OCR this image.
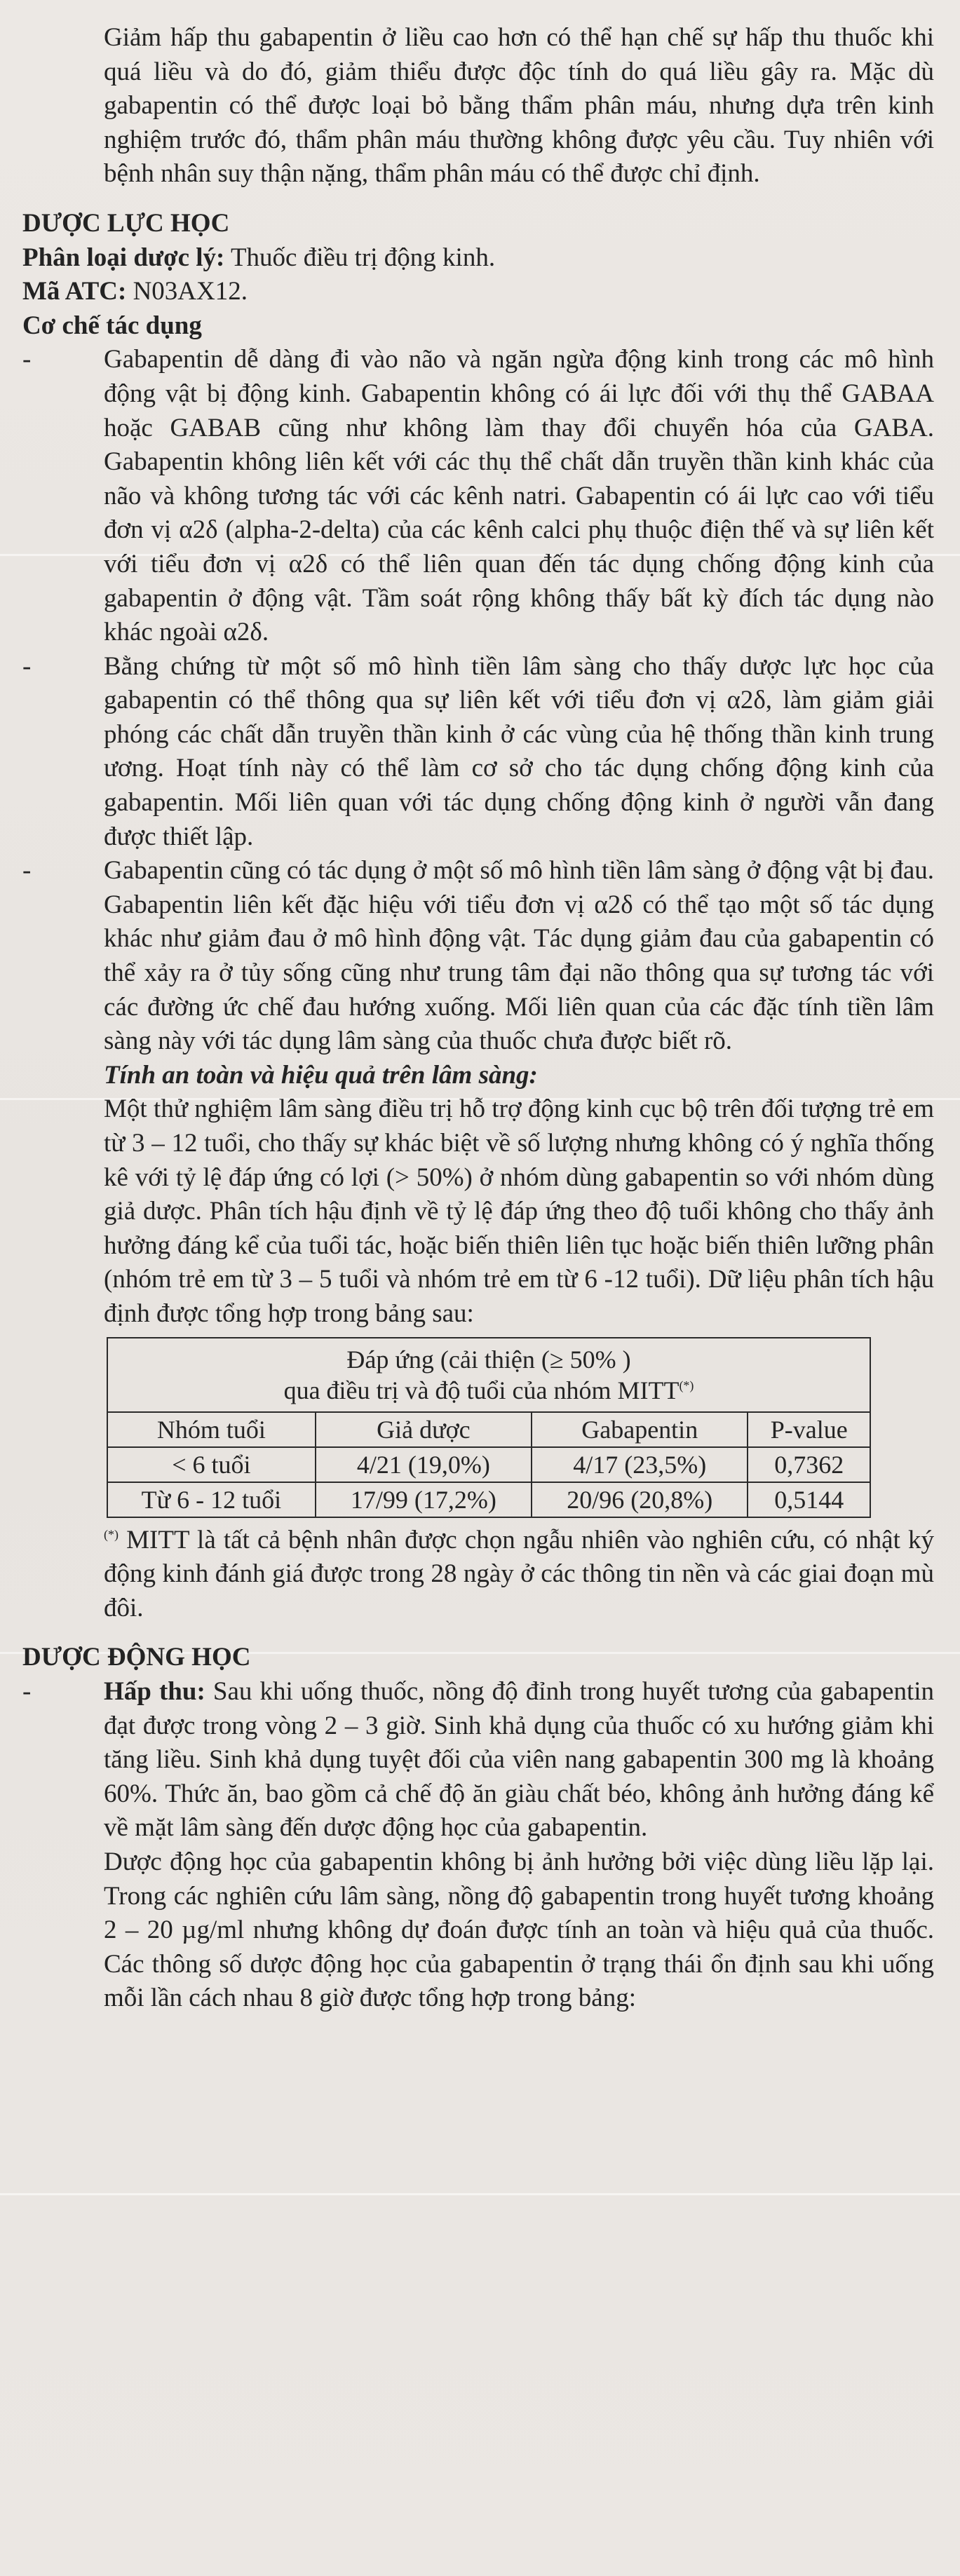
Giảm hấp thu gabapentin ở liều cao hơn có thể hạn chế sự hấp thu thuốc khi quá liều và do đó, giảm thiểu được độc tính do quá liều gây ra. Mặc dù gabapentin có thể được loại bỏ bằng thẩm phân máu, nhưng dựa trên kinh nghiệm trước đó, thẩm phân máu thường không được yêu cầu. Tuy nhiên với bệnh nhân suy thận nặng, thẩm phân máu có thể được chỉ định.

DƯỢC LỰC HỌC

Phân loại dược lý: Thuốc điều trị động kinh.

Mã ATC: N03AX12.

Cơ chế tác dụng
-	Gabapentin dễ dàng đi vào não và ngăn ngừa động kinh trong các mô hình động vật bị động kinh. Gabapentin không có ái lực đối với thụ thể GABAA hoặc GABAB cũng như không làm thay đổi chuyển hóa của GABA. Gabapentin không liên kết với các thụ thể chất dẫn truyền thần kinh khác của não và không tương tác với các kênh natri. Gabapentin có ái lực cao với tiểu đơn vị α2δ (alpha-2-delta) của các kênh calci phụ thuộc điện thế và sự liên kết với tiểu đơn vị α2δ có thể liên quan đến tác dụng chống động kinh của gabapentin ở động vật. Tầm soát rộng không thấy bất kỳ đích tác dụng nào khác ngoài α2δ.
-	Bằng chứng từ một số mô hình tiền lâm sàng cho thấy dược lực học của gabapentin có thể thông qua sự liên kết với tiểu đơn vị α2δ, làm giảm giải phóng các chất dẫn truyền thần kinh ở các vùng của hệ thống thần kinh trung ương. Hoạt tính này có thể làm cơ sở cho tác dụng chống động kinh của gabapentin. Mối liên quan với tác dụng chống động kinh ở người vẫn đang được thiết lập.
-	Gabapentin cũng có tác dụng ở một số mô hình tiền lâm sàng ở động vật bị đau. Gabapentin liên kết đặc hiệu với tiểu đơn vị α2δ có thể tạo một số tác dụng khác như giảm đau ở mô hình động vật. Tác dụng giảm đau của gabapentin có thể xảy ra ở tủy sống cũng như trung tâm đại não thông qua sự tương tác với các đường ức chế đau hướng xuống. Mối liên quan của các đặc tính tiền lâm sàng này với tác dụng lâm sàng của thuốc chưa được biết rõ.

Tính an toàn và hiệu quả trên lâm sàng:

Một thử nghiệm lâm sàng điều trị hỗ trợ động kinh cục bộ trên đối tượng trẻ em từ 3 – 12 tuổi, cho thấy sự khác biệt về số lượng nhưng không có ý nghĩa thống kê với tỷ lệ đáp ứng có lợi (> 50%) ở nhóm dùng gabapentin so với nhóm dùng giả dược. Phân tích hậu định về tỷ lệ đáp ứng theo độ tuổi không cho thấy ảnh hưởng đáng kể của tuổi tác, hoặc biến thiên liên tục hoặc biến thiên lưỡng phân (nhóm trẻ em từ 3 – 5 tuổi và nhóm trẻ em từ 6 -12 tuổi). Dữ liệu phân tích hậu định được tổng hợp trong bảng sau:

Đáp ứng (cải thiện (≥ 50% )
qua điều trị và độ tuổi của nhóm MITT(*)

Nhóm tuổi	Giả dược	Gabapentin	P-value
< 6 tuổi	4/21 (19,0%)	4/17 (23,5%)	0,7362
Từ 6 - 12 tuổi	17/99 (17,2%)	20/96 (20,8%)	0,5144

(*) MITT là tất cả bệnh nhân được chọn ngẫu nhiên vào nghiên cứu, có nhật ký động kinh đánh giá được trong 28 ngày ở các thông tin nền và các giai đoạn mù đôi.

DƯỢC ĐỘNG HỌC
-	Hấp thu: Sau khi uống thuốc, nồng độ đỉnh trong huyết tương của gabapentin đạt được trong vòng 2 – 3 giờ. Sinh khả dụng của thuốc có xu hướng giảm khi tăng liều. Sinh khả dụng tuyệt đối của viên nang gabapentin 300 mg là khoảng 60%. Thức ăn, bao gồm cả chế độ ăn giàu chất béo, không ảnh hưởng đáng kể về mặt lâm sàng đến dược động học của gabapentin.

Dược động học của gabapentin không bị ảnh hưởng bởi việc dùng liều lặp lại. Trong các nghiên cứu lâm sàng, nồng độ gabapentin trong huyết tương khoảng 2 – 20 µg/ml nhưng không dự đoán được tính an toàn và hiệu quả của thuốc. Các thông số dược động học của gabapentin ở trạng thái ổn định sau khi uống mỗi lần cách nhau 8 giờ được tổng hợp trong bảng:
